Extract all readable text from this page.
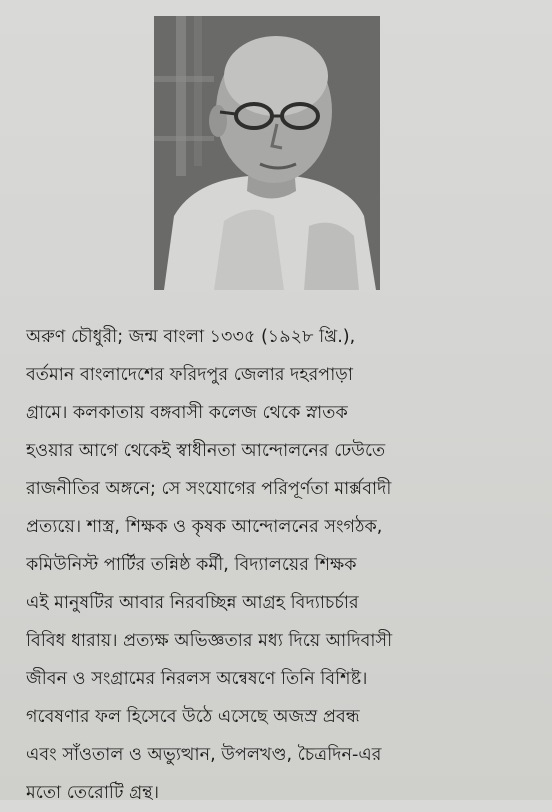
অরুণ চৌধুরী; জন্ম বাংলা ১৩৩৫ (১৯২৮ খ্রি.),
বর্তমান বাংলাদেশের ফরিদপুর জেলার দহরপাড়া
গ্রামে। কলকাতায় বঙ্গবাসী কলেজ থেকে স্নাতক
হওয়ার আগে থেকেই স্বাধীনতা আন্দোলনের ঢেউতে
রাজনীতির অঙ্গনে; সে সংযোগের পরিপূর্ণতা মার্ক্সবাদী
প্রত্যয়ে। শাস্ত্র, শিক্ষক ও কৃষক আন্দোলনের সংগঠক,
কমিউনিস্ট পার্টির তন্নিষ্ঠ কর্মী, বিদ্যালয়ের শিক্ষক
এই মানুষটির আবার নিরবচ্ছিন্ন আগ্রহ বিদ্যাচর্চার
বিবিধ ধারায়। প্রত্যক্ষ অভিজ্ঞতার মধ্য দিয়ে আদিবাসী
জীবন ও সংগ্রামের নিরলস অন্বেষণে তিনি বিশিষ্ট।
গবেষণার ফল হিসেবে উঠে এসেছে অজস্র প্রবন্ধ
এবং সাঁওতাল ও অভ্যুত্থান, উপলখণ্ড, চৈত্রদিন-এর
মতো তেরোটি গ্রন্থ।
